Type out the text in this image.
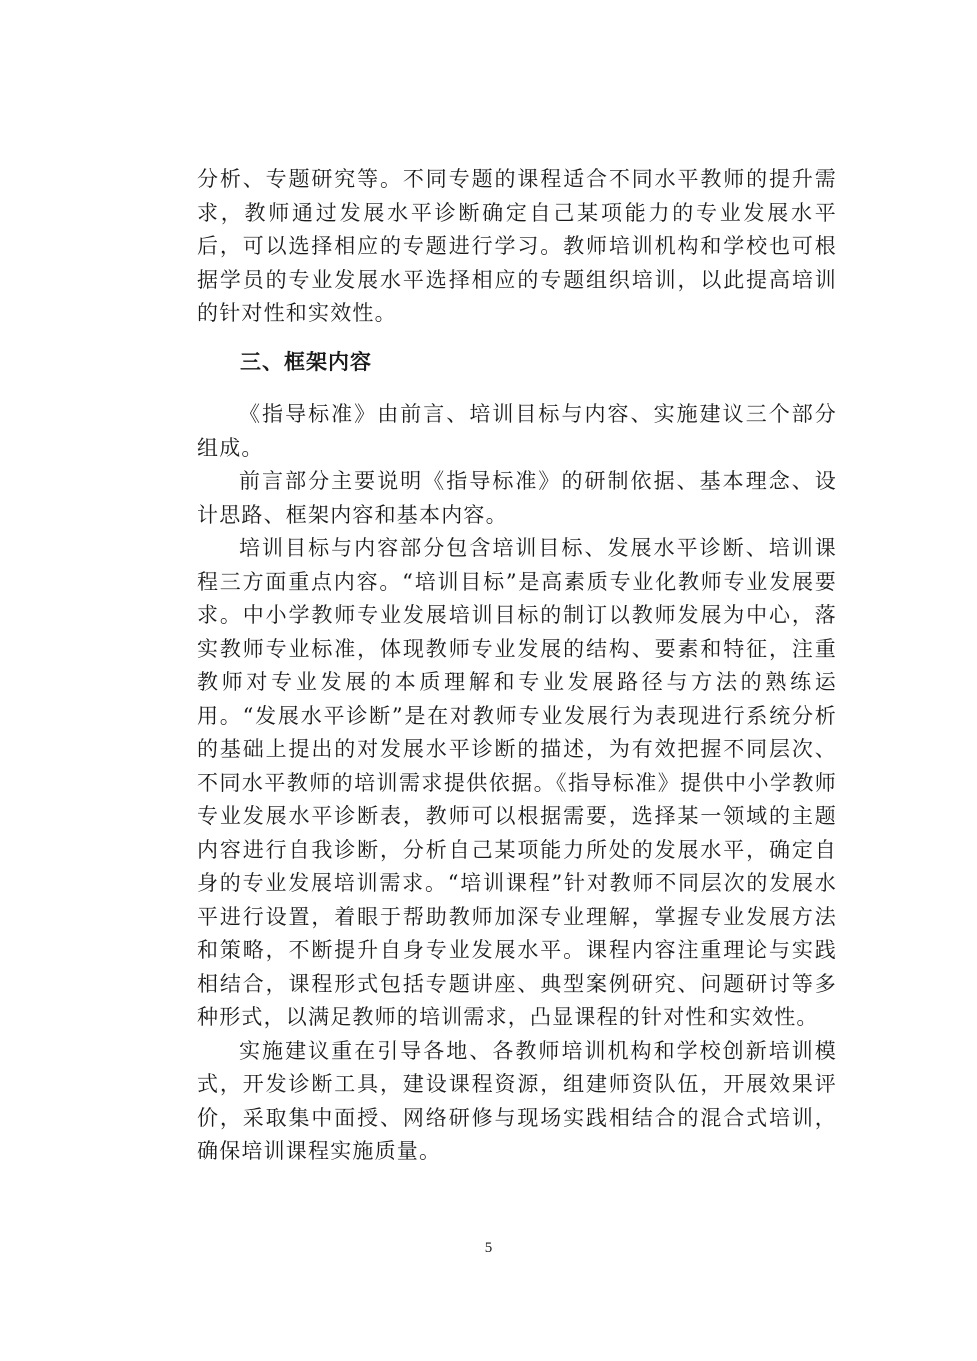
分析、专题研究等。不同专题的课程适合不同水平教师的提升需求，教师通过发展水平诊断确定自己某项能力的专业发展水平后，可以选择相应的专题进行学习。教师培训机构和学校也可根据学员的专业发展水平选择相应的专题组织培训，以此提高培训的针对性和实效性。

三、框架内容

《指导标准》由前言、培训目标与内容、实施建议三个部分组成。

前言部分主要说明《指导标准》的研制依据、基本理念、设计思路、框架内容和基本内容。

培训目标与内容部分包含培训目标、发展水平诊断、培训课程三方面重点内容。“培训目标”是高素质专业化教师专业发展要求。中小学教师专业发展培训目标的制订以教师发展为中心，落实教师专业标准，体现教师专业发展的结构、要素和特征，注重教师对专业发展的本质理解和专业发展路径与方法的熟练运用。“发展水平诊断”是在对教师专业发展行为表现进行系统分析的基础上提出的对发展水平诊断的描述，为有效把握不同层次、不同水平教师的培训需求提供依据。《指导标准》提供中小学教师专业发展水平诊断表，教师可以根据需要，选择某一领域的主题内容进行自我诊断，分析自己某项能力所处的发展水平，确定自身的专业发展培训需求。“培训课程”针对教师不同层次的发展水平进行设置，着眼于帮助教师加深专业理解，掌握专业发展方法和策略，不断提升自身专业发展水平。课程内容注重理论与实践相结合，课程形式包括专题讲座、典型案例研究、问题研讨等多种形式，以满足教师的培训需求，凸显课程的针对性和实效性。

实施建议重在引导各地、各教师培训机构和学校创新培训模式，开发诊断工具，建设课程资源，组建师资队伍，开展效果评价，采取集中面授、网络研修与现场实践相结合的混合式培训，确保培训课程实施质量。

5
